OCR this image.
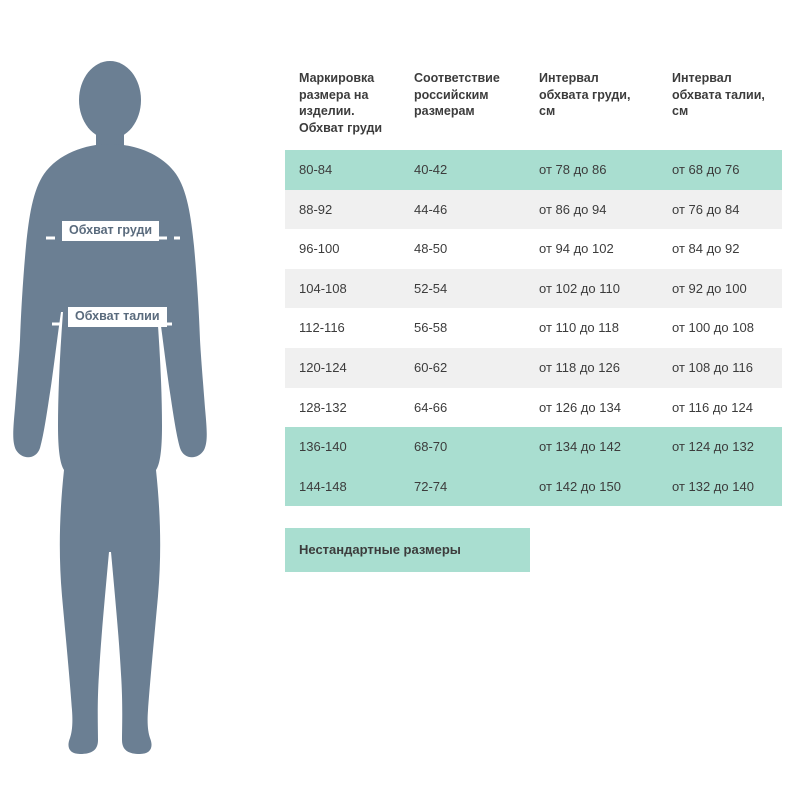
Обхват груди
Обхват талии
Маркировка размера на изделии. Обхват груди	Соответствие российским размерам	Интервал обхвата груди, см	Интервал обхвата талии, см
80-84	40-42	от 78 до 86	от 68 до 76
88-92	44-46	от 86 до 94	от 76 до 84
96-100	48-50	от 94 до 102	от 84 до 92
104-108	52-54	от 102 до 110	от 92 до 100
112-116	56-58	от 110 до 118	от 100 до 108
120-124	60-62	от 118 до 126	от 108 до 116
128-132	64-66	от 126 до 134	от 116 до 124
136-140	68-70	от 134 до 142	от 124 до 132
144-148	72-74	от 142 до 150	от 132 до 140
Нестандартные размеры
